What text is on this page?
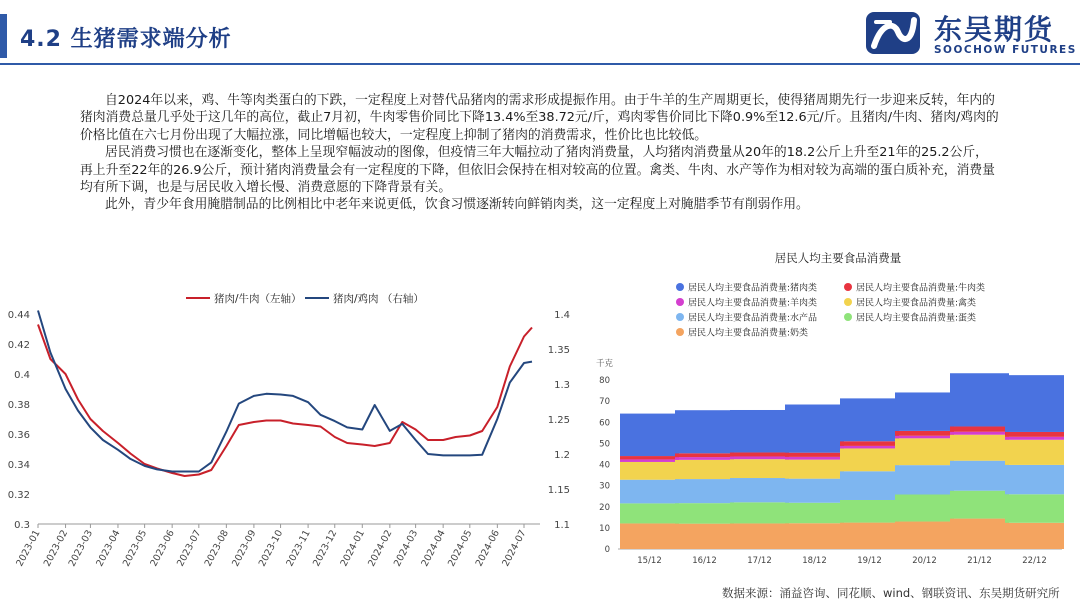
4.2 生猪需求端分析	东吴期货
SOOCHOW FUTURES

自2024年以来，鸡、牛等肉类蛋白的下跌，一定程度上对替代品猪肉的需求形成提振作用。由于牛羊的生产周期更长，使得猪周期先行一步迎来反转，年内的猪肉消费总量几乎处于这几年的高位，截止7月初，牛肉零售价同比下降13.4%至38.72元/斤，鸡肉零售价同比下降0.9%至12.6元/斤。且猪肉/牛肉、猪肉/鸡肉的价格比值在六七月份出现了大幅拉涨，同比增幅也较大，一定程度上抑制了猪肉的消费需求，性价比也比较低。

居民消费习惯也在逐渐变化，整体上呈现窄幅波动的图像，但疫情三年大幅拉动了猪肉消费量，人均猪肉消费量从20年的18.2公斤上升至21年的25.2公斤，再上升至22年的26.9公斤，预计猪肉消费量会有一定程度的下降，但依旧会保持在相对较高的位置。禽类、牛肉、水产等作为相对较为高端的蛋白质补充，消费量均有所下调，也是与居民收入增长慢、消费意愿的下降背景有关。

此外，青少年食用腌腊制品的比例相比中老年来说更低，饮食习惯逐渐转向鲜销肉类，这一定程度上对腌腊季节有削弱作用。

0.3
0.32
0.34
0.36
0.38
0.4
0.42
0.44
1.1
1.15
1.2
1.25
1.3
1.35
1.4
2023-01 2023-02
2023-03 2023-04
2023-05 2023-06
2023-07 2023-08 2023-09
2023-10 2023-11
2023-12 2024-01 2024-02
2024-03 2024-04
2024-05 2024-06
2024-07
猪肉/牛肉（左轴）	猪肉/鸡肉 （右轴）
居民人均主要食品消费量
居民人均主要食品消费量:猪肉类	居民人均主要食品消费量:牛肉类
居民人均主要食品消费量:羊肉类	居民人均主要食品消费量:禽类
居民人均主要食品消费量:水产品	居民人均主要食品消费量:蛋类
居民人均主要食品消费量:奶类
千克
0
10
20
30
40
50
60
70
80
15/12	16/12	17/12	18/12	19/12	20/12	21/12	22/12
数据来源：涌益咨询、同花顺、wind、钢联资讯、东吴期货研究所
